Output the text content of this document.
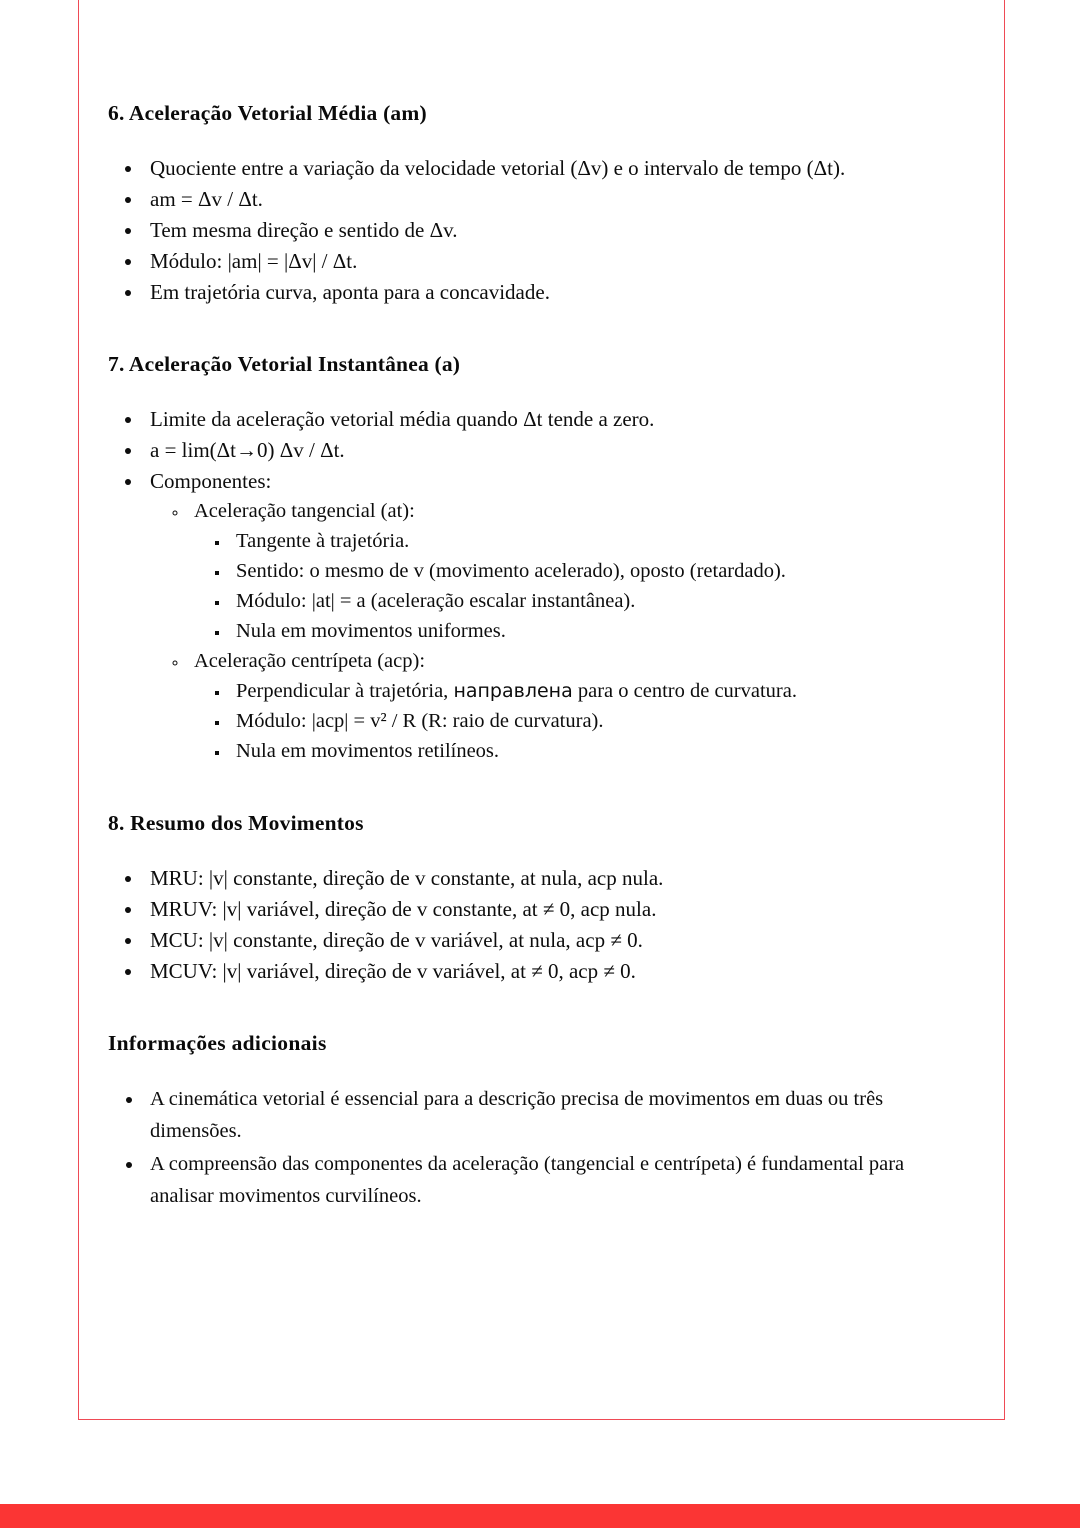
6. Aceleração Vetorial Média (am)
• Quociente entre a variação da velocidade vetorial (Δv) e o intervalo de tempo (Δt).
• am = Δv / Δt.
• Tem mesma direção e sentido de Δv.
• Módulo: |am| = |Δv| / Δt.
• Em trajetória curva, aponta para a concavidade.
7. Aceleração Vetorial Instantânea (a)
• Limite da aceleração vetorial média quando Δt tende a zero.
• a = lim(Δt→0) Δv / Δt.
• Componentes:
◦ Aceleração tangencial (at):
▪ Tangente à trajetória.
▪ Sentido: o mesmo de v (movimento acelerado), oposto (retardado).
▪ Módulo: |at| = a (aceleração escalar instantânea).
▪ Nula em movimentos uniformes.
◦ Aceleração centrípeta (acp):
▪ Perpendicular à trajetória, направлена para o centro de curvatura.
▪ Módulo: |acp| = v² / R (R: raio de curvatura).
▪ Nula em movimentos retilíneos.
8. Resumo dos Movimentos
• MRU: |v| constante, direção de v constante, at nula, acp nula.
• MRUV: |v| variável, direção de v constante, at ≠ 0, acp nula.
• MCU: |v| constante, direção de v variável, at nula, acp ≠ 0.
• MCUV: |v| variável, direção de v variável, at ≠ 0, acp ≠ 0.
Informações adicionais
• A cinemática vetorial é essencial para a descrição precisa de movimentos em duas ou três dimensões.
• A compreensão das componentes da aceleração (tangencial e centrípeta) é fundamental para analisar movimentos curvilíneos.
